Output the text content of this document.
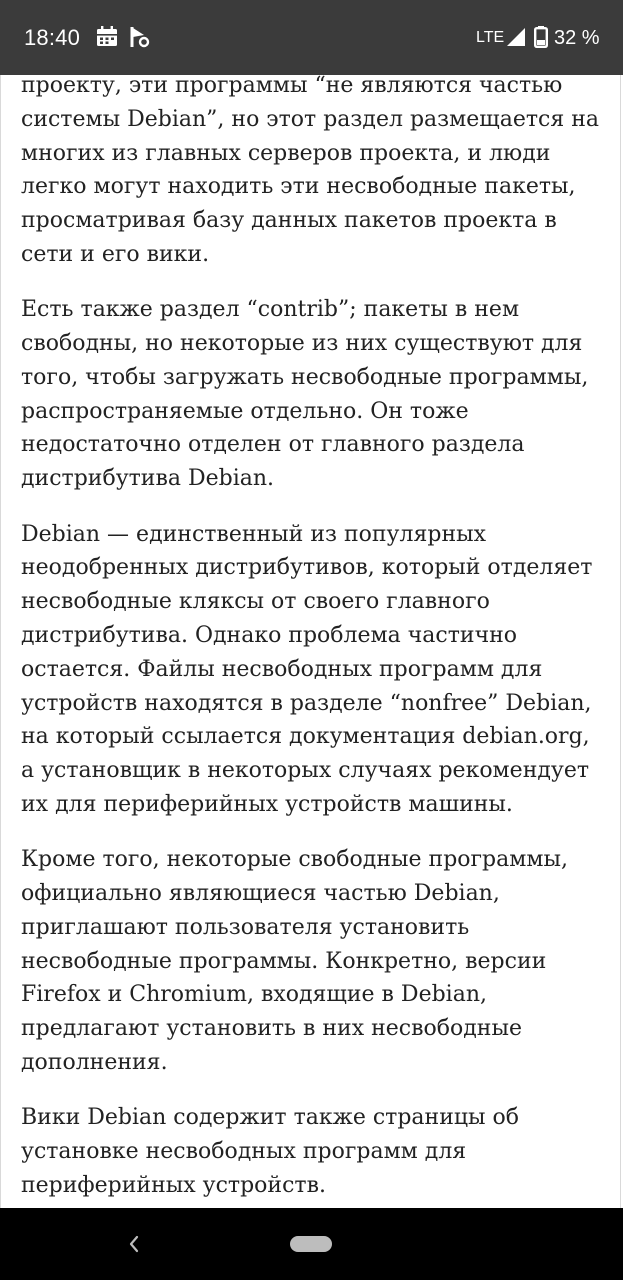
18:40	LTE 32 %

проекту, эти программы “не являются частью системы Debian”, но этот раздел размещается на многих из главных серверов проекта, и люди легко могут находить эти несвободные пакеты, просматривая базу данных пакетов проекта в сети и его вики.

Есть также раздел “contrib”; пакеты в нем свободны, но некоторые из них существуют для того, чтобы загружать несвободные программы, распространяемые отдельно. Он тоже недостаточно отделен от главного раздела дистрибутива Debian.

Debian — единственный из популярных неодобренных дистрибутивов, который отделяет несвободные кляксы от своего главного дистрибутива. Однако проблема частично остается. Файлы несвободных программ для устройств находятся в разделе “nonfree” Debian, на который ссылается документация debian.org, а установщик в некоторых случаях рекомендует их для периферийных устройств машины.

Кроме того, некоторые свободные программы, официально являющиеся частью Debian, приглашают пользователя установить несвободные программы. Конкретно, версии Firefox и Chromium, входящие в Debian, предлагают установить в них несвободные дополнения.

Вики Debian содержит также страницы об установке несвободных программ для периферийных устройств.
